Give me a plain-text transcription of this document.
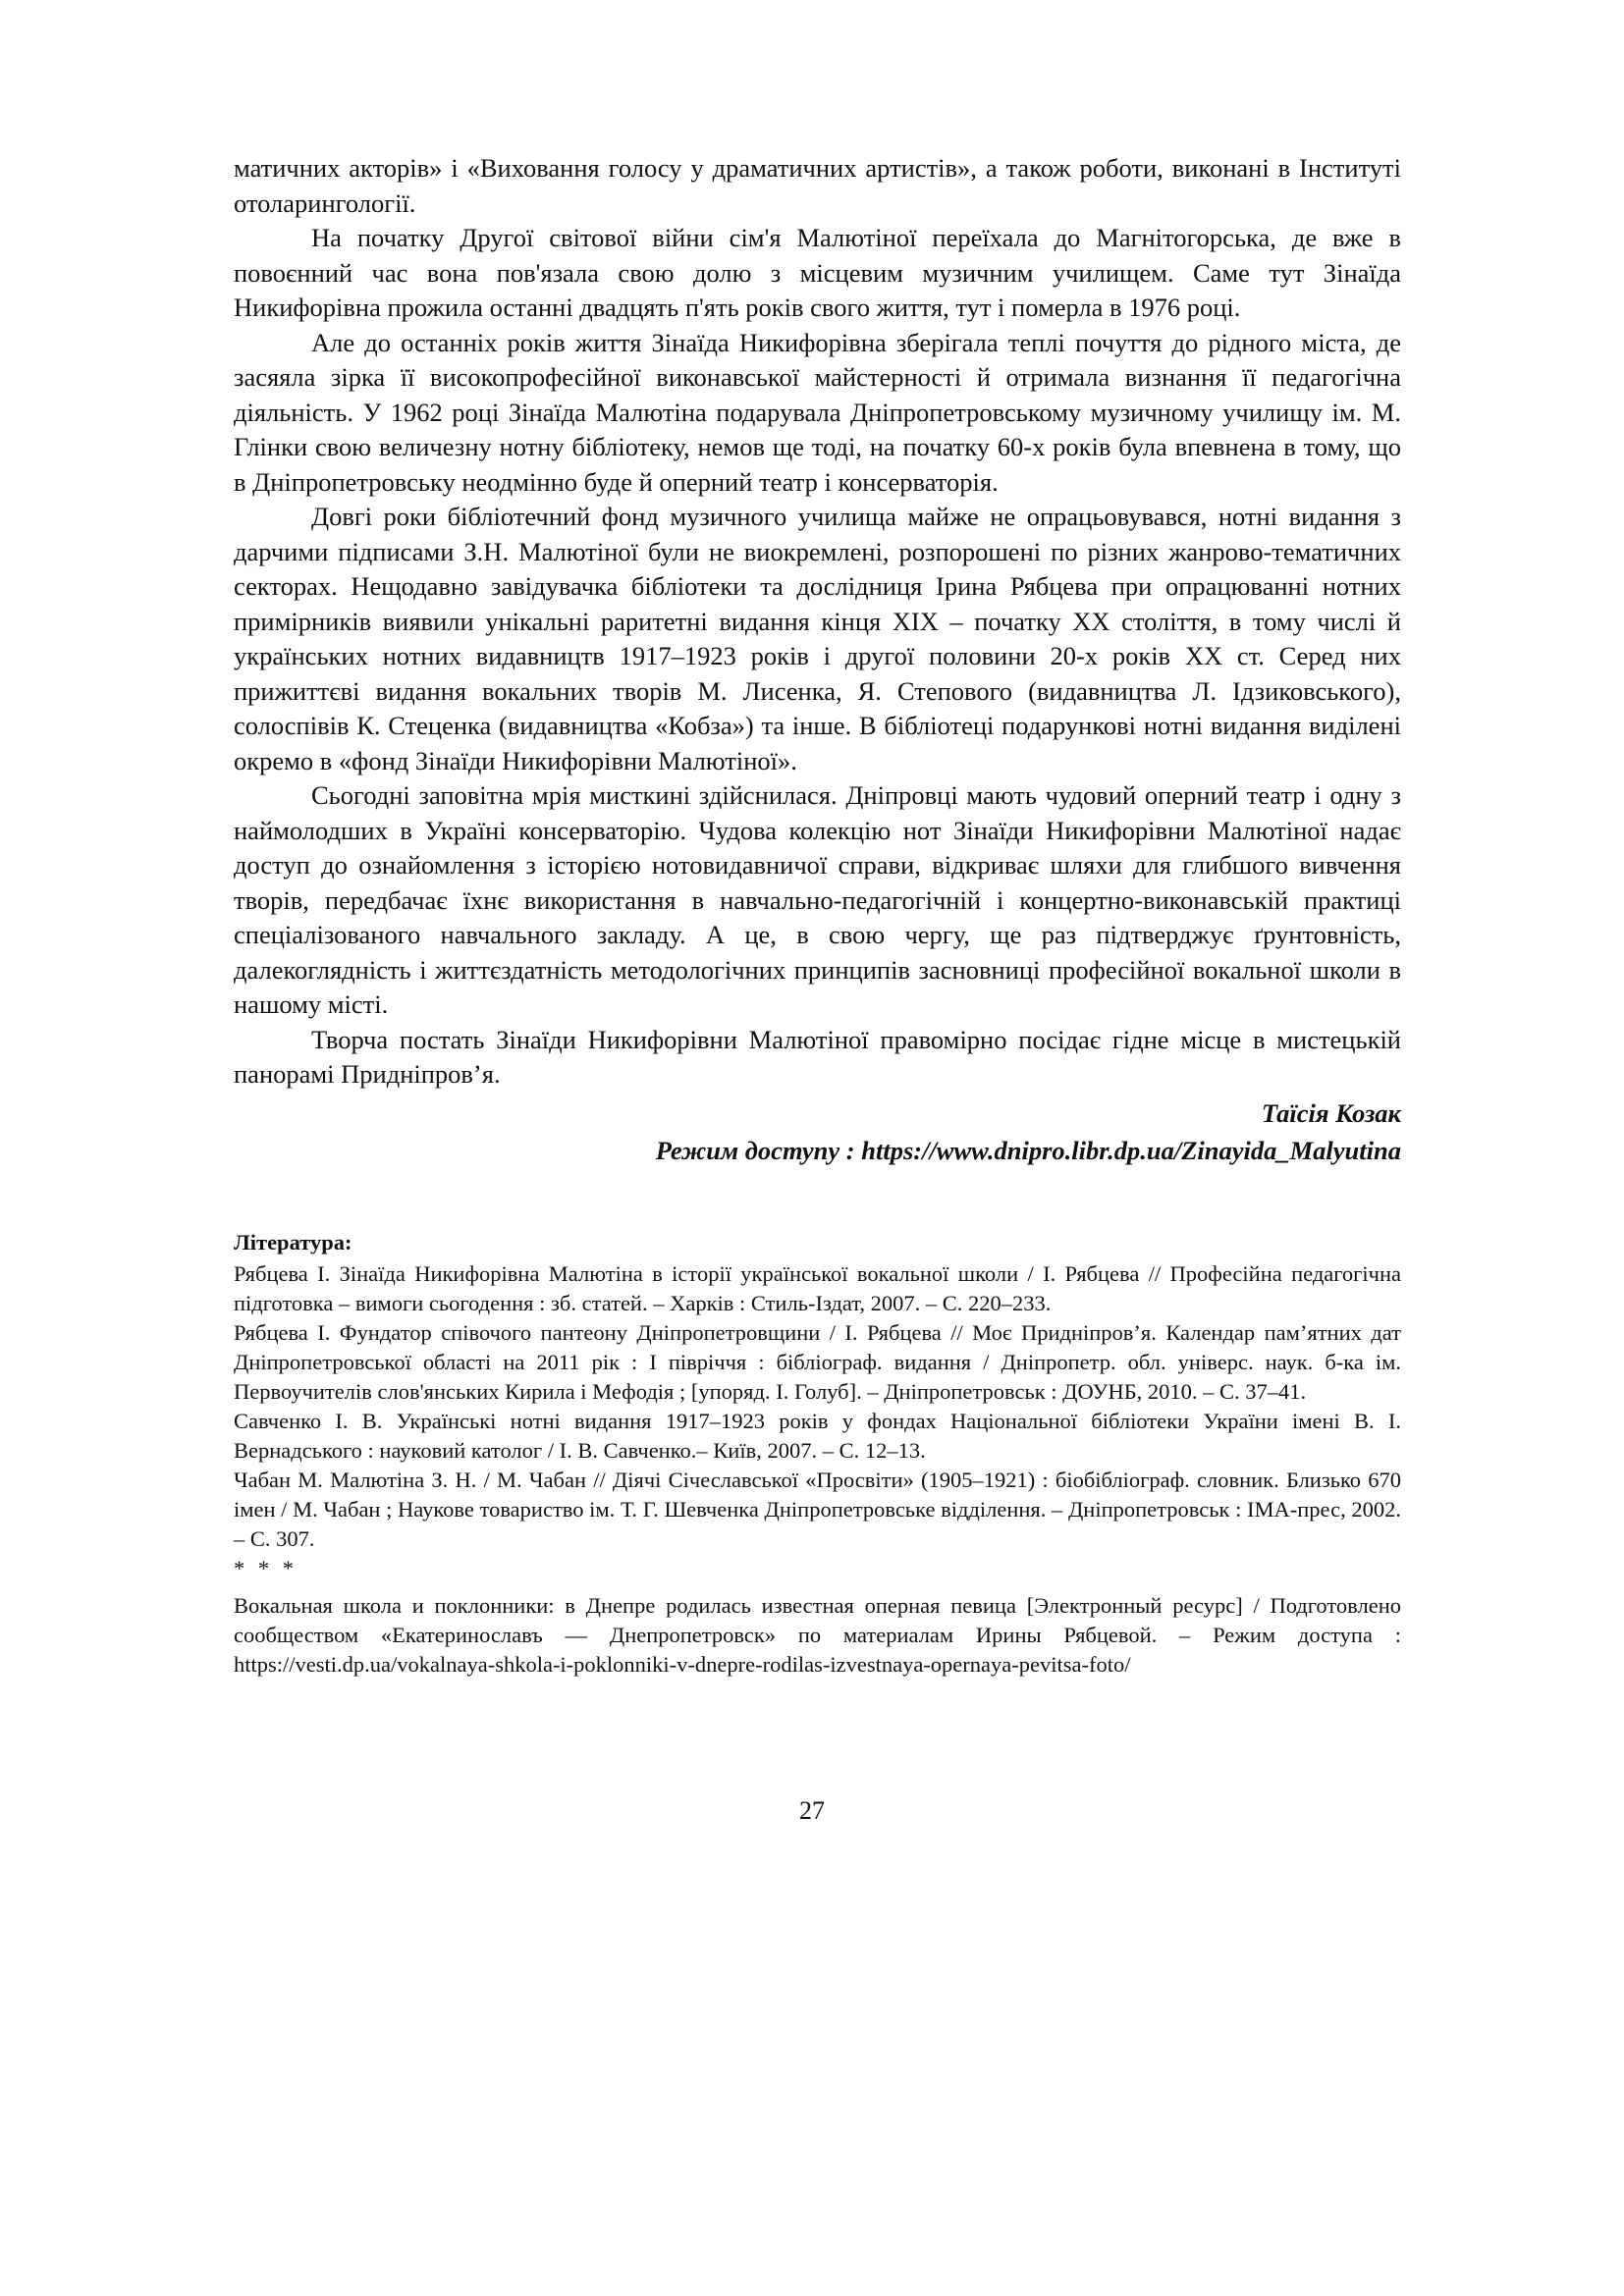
матичних акторів» і «Виховання голосу у драматичних артистів», а також роботи, виконані в Інституті отоларингології.

На початку Другої світової війни сім'я Малютіної переїхала до Магнітогорська, де вже в повоєнний час вона пов'язала свою долю з місцевим музичним училищем. Саме тут Зінаїда Никифорівна прожила останні двадцять п'ять років свого життя, тут і померла в 1976 році.

Але до останніх років життя Зінаїда Никифорівна зберігала теплі почуття до рідного міста, де засяяла зірка її високопрофесійної виконавської майстерності й отримала визнання її педагогічна діяльність. У 1962 році Зінаїда Малютіна подарувала Дніпропетровському музичному училищу ім. М. Глінки свою величезну нотну бібліотеку, немов ще тоді, на початку 60-х років була впевнена в тому, що в Дніпропетровську неодмінно буде й оперний театр і консерваторія.

Довгі роки бібліотечний фонд музичного училища майже не опрацьовувався, нотні видання з дарчими підписами З.Н. Малютіної були не виокремлені, розпорошені по різних жанрово-тематичних секторах. Нещодавно завідувачка бібліотеки та дослідниця Ірина Рябцева при опрацюванні нотних примірників виявили унікальні раритетні видання кінця ХІХ – початку ХХ століття, в тому числі й українських нотних видавництв 1917–1923 років і другої половини 20-х років ХХ ст. Серед них прижиттєві видання вокальних творів М. Лисенка, Я. Степового (видавництва Л. Ідзиковського), солоспівів К. Стеценка (видавництва «Кобза») та інше. В бібліотеці подарункові нотні видання виділені окремо в «фонд Зінаїди Никифорівни Малютіної».

Сьогодні заповітна мрія мисткині здійснилася. Дніпровці мають чудовий оперний театр і одну з наймолодших в Україні консерваторію. Чудова колекцію нот Зінаїди Никифорівни Малютіної надає доступ до ознайомлення з історією нотовидавничої справи, відкриває шляхи для глибшого вивчення творів, передбачає їхнє використання в навчально-педагогічній і концертно-виконавській практиці спеціалізованого навчального закладу. А це, в свою чергу, ще раз підтверджує ґрунтовність, далекоглядність і життєздатність методологічних принципів засновниці професійної вокальної школи в нашому місті.

Творча постать Зінаїди Никифорівни Малютіної правомірно посідає гідне місце в мистецькій панорамі Придніпров’я.

Таїсія Козак
Режим доступу : https://www.dnipro.libr.dp.ua/Zinayida_Malyutina

Література:

Рябцева І. Зінаїда Никифорівна Малютіна в історії української вокальної школи / І. Рябцева // Професійна педагогічна підготовка – вимоги сьогодення : зб. статей. – Харків : Стиль-Іздат, 2007. – С. 220–233.

Рябцева І. Фундатор співочого пантеону Дніпропетровщини / І. Рябцева // Моє Придніпров’я. Календар пам’ятних дат Дніпропетровської області на 2011 рік : І півріччя : бібліограф. видання / Дніпропетр. обл. універс. наук. б-ка ім. Первоучителів слов'янських Кирила і Мефодія ; [упоряд. І. Голуб]. – Дніпропетровськ : ДОУНБ, 2010. – С. 37–41.

Савченко І. В. Українські нотні видання 1917–1923 років у фондах Національної бібліотеки України імені В. І. Вернадського : науковий католог / І. В. Савченко.– Київ, 2007. – С. 12–13.

Чабан М. Малютіна З. Н. / М. Чабан // Діячі Січеславської «Просвіти» (1905–1921) : біобібліограф. словник. Близько 670 імен / М. Чабан ; Наукове товариство ім. Т. Г. Шевченка Дніпропетровське відділення. – Дніпропетровськ : ІМА-прес, 2002. – С. 307.

* * *

Вокальная школа и поклонники: в Днепре родилась известная оперная певица [Электронный ресурс] / Подготовлено сообществом «Екатеринославъ — Днепропетровск» по материалам Ирины Рябцевой. – Режим доступа : https://vesti.dp.ua/vokalnaya-shkola-i-poklonniki-v-dnepre-rodilas-izvestnaya-opernaya-pevitsa-foto/

27
